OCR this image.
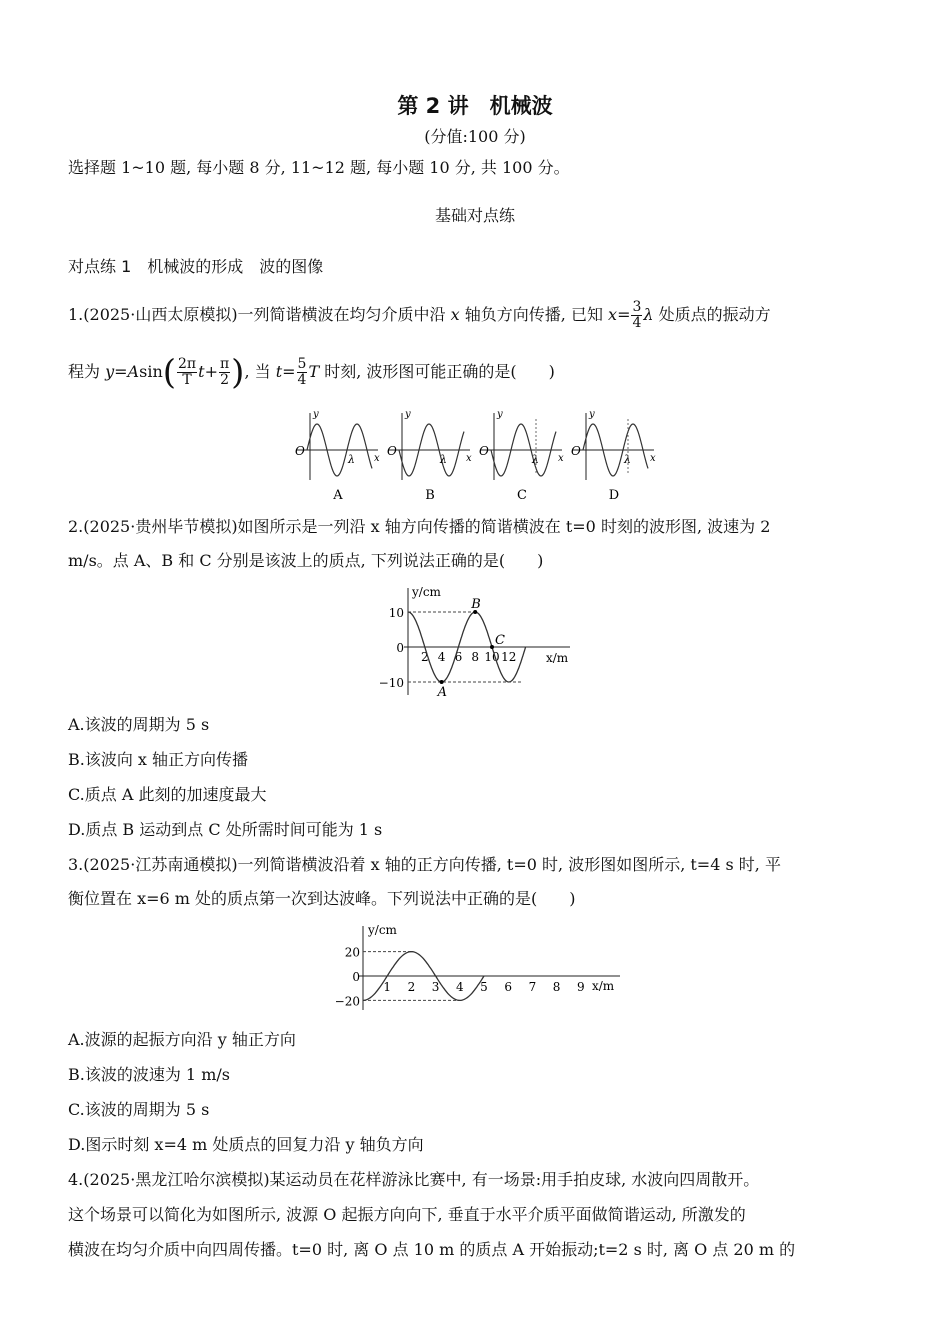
第 2 讲　机械波
(分值:100 分)
选择题 1~10 题, 每小题 8 分, 11~12 题, 每小题 10 分, 共 100 分。
基础对点练
对点练 1　机械波的形成　波的图像
1.(2025·山西太原模拟)一列简谐横波在均匀介质中沿 x 轴负方向传播, 已知 $x= \frac{3}{4}$ λ 处质点的振动方
程为 $y=Asin( \frac{2\pi}{T} t+ \frac{\pi}{2}$ ), 当 $t= \frac{5}{4}$ T 时刻, 波形图可能正确的是(　　)
y
x
O
λ
A
y
x
O
λ
B
y
x
O
λ
C
y
x
O
λ
D
2.(2025·贵州毕节模拟)如图所示是一列沿 x 轴方向传播的简谐横波在 t=0 时刻的波形图, 波速为 2
m/s。点 A、B 和 C 分别是该波上的质点, 下列说法正确的是(　　)
y/cm
x/m
10
0
−10
2 4 6 8 10 12
A
B
C
A.该波的周期为 5 s
B.该波向 x 轴正方向传播
C.质点 A 此刻的加速度最大
D.质点 B 运动到点 C 处所需时间可能为 1 s
3.(2025·江苏南通模拟)一列简谐横波沿着 x 轴的正方向传播, t=0 时, 波形图如图所示, t=4 s 时, 平
衡位置在 x=6 m 处的质点第一次到达波峰。下列说法中正确的是(　　)
y/cm
x/m
20
0
−20
1 2 3 4 5 6 7 8 9
A.波源的起振方向沿 y 轴正方向
B.该波的波速为 1 m/s
C.该波的周期为 5 s
D.图示时刻 x=4 m 处质点的回复力沿 y 轴负方向
4.(2025·黑龙江哈尔滨模拟)某运动员在花样游泳比赛中, 有一场景:用手拍皮球, 水波向四周散开。
这个场景可以简化为如图所示, 波源 O 起振方向向下, 垂直于水平介质平面做简谐运动, 所激发的
横波在均匀介质中向四周传播。t=0 时, 离 O 点 10 m 的质点 A 开始振动;t=2 s 时, 离 O 点 20 m 的
